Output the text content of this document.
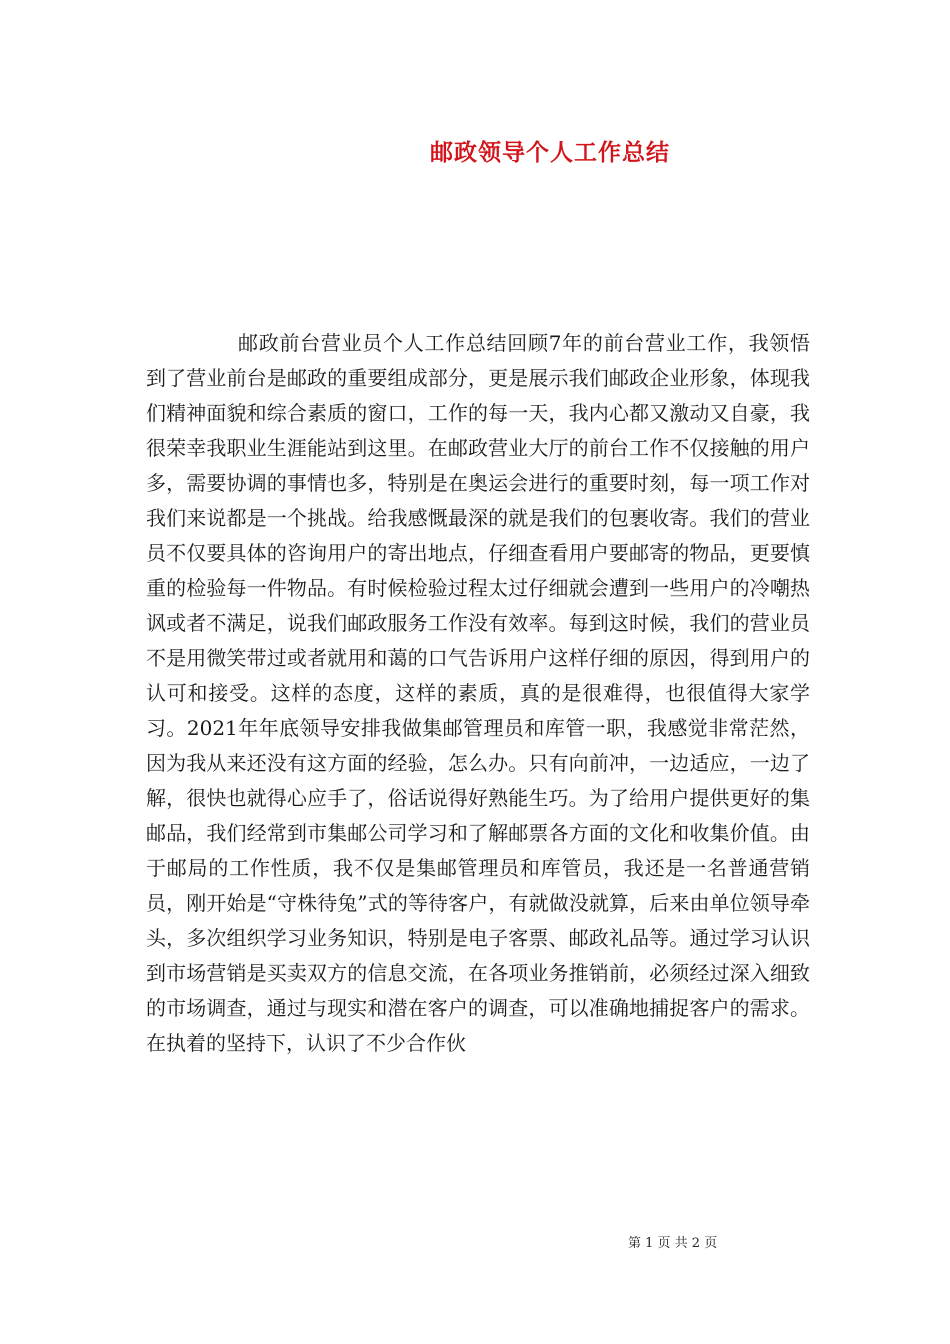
邮政领导个人工作总结

邮政前台营业员个人工作总结回顾7年的前台营业工作，我领悟到了营业前台是邮政的重要组成部分，更是展示我们邮政企业形象，体现我们精神面貌和综合素质的窗口，工作的每一天，我内心都又激动又自豪，我很荣幸我职业生涯能站到这里。在邮政营业大厅的前台工作不仅接触的用户多，需要协调的事情也多，特别是在奥运会进行的重要时刻，每一项工作对我们来说都是一个挑战。给我感慨最深的就是我们的包裹收寄。我们的营业员不仅要具体的咨询用户的寄出地点，仔细查看用户要邮寄的物品，更要慎重的检验每一件物品。有时候检验过程太过仔细就会遭到一些用户的冷嘲热讽或者不满足，说我们邮政服务工作没有效率。每到这时候，我们的营业员不是用微笑带过或者就用和蔼的口气告诉用户这样仔细的原因，得到用户的认可和接受。这样的态度，这样的素质，真的是很难得，也很值得大家学习。2021年年底领导安排我做集邮管理员和库管一职，我感觉非常茫然，因为我从来还没有这方面的经验，怎么办。只有向前冲，一边适应，一边了解，很快也就得心应手了，俗话说得好熟能生巧。为了给用户提供更好的集邮品，我们经常到市集邮公司学习和了解邮票各方面的文化和收集价值。由于邮局的工作性质，我不仅是集邮管理员和库管员，我还是一名普通营销员，刚开始是“守株待兔”式的等待客户，有就做没就算，后来由单位领导牵头，多次组织学习业务知识，特别是电子客票、邮政礼品等。通过学习认识到市场营销是买卖双方的信息交流，在各项业务推销前，必须经过深入细致的市场调查，通过与现实和潜在客户的调查，可以准确地捕捉客户的需求。在执着的坚持下，认识了不少合作伙

第 1 页 共 2 页
